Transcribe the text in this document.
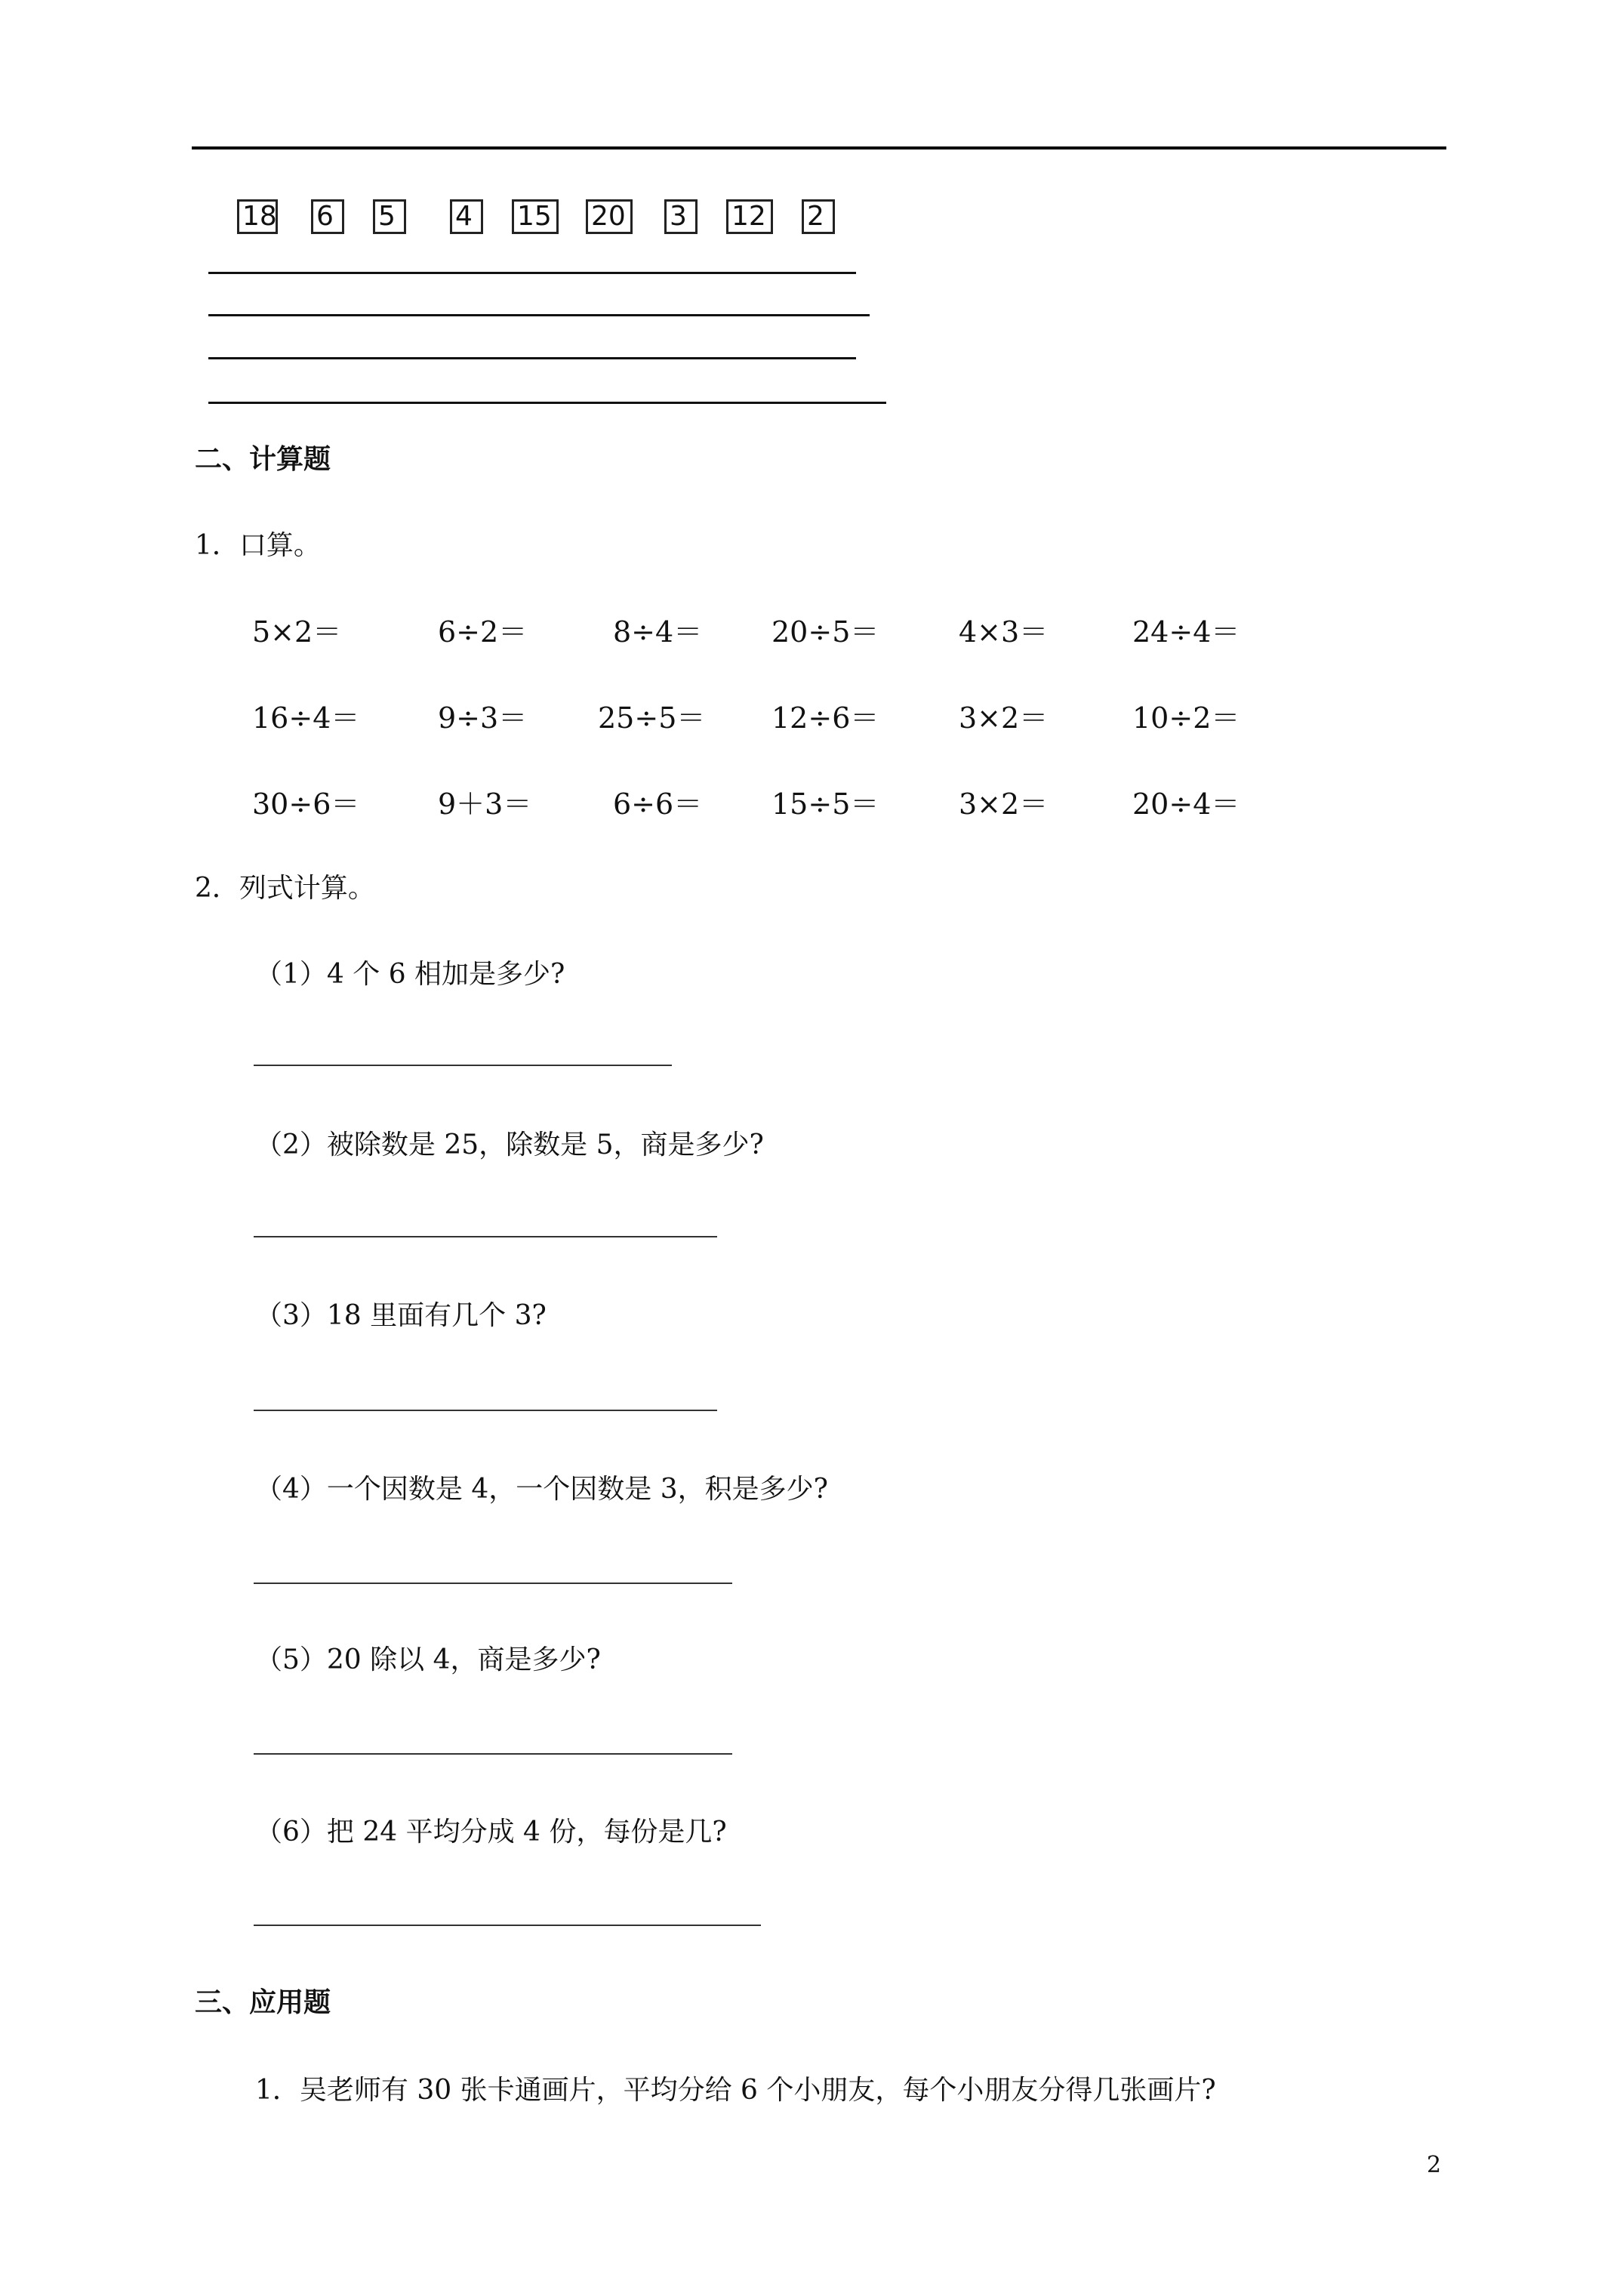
18 6	5	4	15 20 3	12 2
二、计算题
1．口算。
5×2＝	6÷2＝	8÷4＝ 20÷5＝	4×3＝	24÷4＝
16÷4＝	9÷3＝ 25÷5＝ 12÷6＝	3×2＝	10÷2＝
30÷6＝	9＋3＝	6÷6＝ 15÷5＝	3×2＝	20÷4＝
2．列式计算。
（1）4 个 6 相加是多少?
（2）被除数是 25，除数是 5，商是多少?
（3）18 里面有几个 3?
（4）一个因数是 4，一个因数是 3，积是多少?
（5）20 除以 4，商是多少?
（6）把 24 平均分成 4 份，每份是几?
三、应用题
1．吴老师有 30 张卡通画片，平均分给 6 个小朋友，每个小朋友分得几张画片?
2
